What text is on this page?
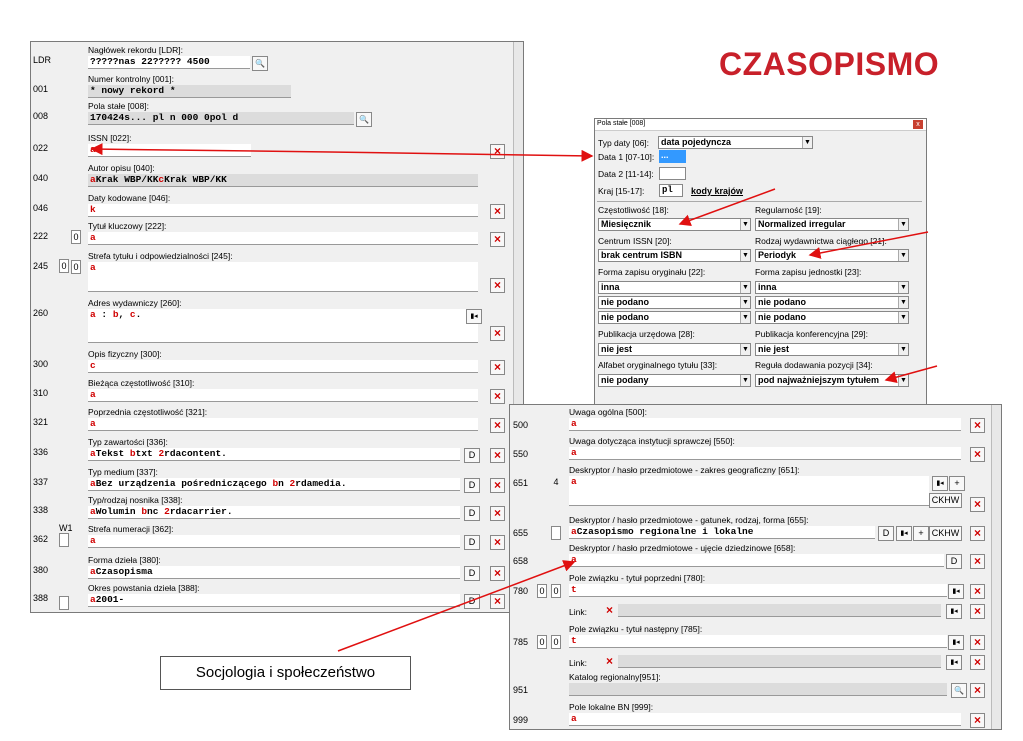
CZASOPISMO
LDR
Nagłówek rekordu [LDR]:
?????nas 22????? 4500	🔍
001
Numer kontrolny [001]:
* nowy rekord *
008
Pola stałe [008]:
170424s... pl n 000 0pol d	🔍
022
ISSN [022]:
a	×
040
Autor opisu [040]:
aKrak WBP/KKcKrak WBP/KK
046
Daty kodowane [046]:
k	×
222	0
Tytuł kluczowy [222]:
a	×
245 0 0
Strefa tytułu i odpowiedzialności [245]:
a
×
260
Adres wydawniczy [260]:
a : b, c.
×
▮◂
300
Opis fizyczny [300]:
c	×
310
Bieżąca częstotliwość [310]:
a	×
321
Poprzednia częstotliwość [321]:
a	×
336
Typ zawartości [336]:
aTekst btxt 2rdacontent.	×
D
337
Typ medium [337]:
aBez urządzenia pośredniczącego bn 2rdamedia.	×
D
338
Typ/rodzaj nosnika [338]:
aWolumin bnc 2rdacarrier.	×
D
362
W1 Strefa numeracji [362]:
a	×
D
380
Forma dzieła [380]:
aCzasopisma	×
D
388
Okres powstania dzieła [388]:
a2001-	×
D
Pola stałe [008]	x
Typ daty [06]:	data pojedyncza	▼
Data 1 [07-10]: ...
Data 2 [11-14]:
Kraj [15-17]:	pl	kody krajów
Częstotliwość [18]:	Regularność [19]:
Miesięcznik	▼	Normalized irregular	▼
Centrum ISSN [20]:	Rodzaj wydawnictwa ciągłego [21]:
brak centrum ISBN	▼	Periodyk	▼
Forma zapisu oryginału [22]:	Forma zapisu jednostki [23]:
inna	▼	inna	▼
nie podano	▼	nie podano	▼
nie podano	▼	nie podano	▼
Publikacja urzędowa [28]:	Publikacja konferencyjna [29]:
nie jest	▼	nie jest	▼
Alfabet oryginalnego tytułu [33]:	Reguła dodawania pozycji [34]:
nie podany	▼	pod najważniejszym tytułem	▼
500
Uwaga ogólna [500]:
a	×
550
Uwaga dotycząca instytucji sprawczej [550]:
a	×
651	4
Deskryptor / hasło przedmiotowe - zakres geograficzny [651]:
a
×
▮◂	+
CKHW
655
Deskryptor / hasło przedmiotowe - gatunek, rodzaj, forma [655]:
aCzasopismo regionalne i lokalne	×
D	▮◂	+ CKHW
658
Deskryptor / hasło przedmiotowe - ujęcie dziedzinowe [658]:
a	×
D
780 0 0
Pole związku - tytuł poprzedni [780]:
t	×
▮◂
Link:	×	▮◂	×
785 0 0
Pole związku - tytuł następny [785]:
t	×
▮◂
Link:	×	▮◂	×
951
Katalog regionalny[951]:
×
🔍
999
Pole lokalne BN [999]:
a	×
Socjologia i społeczeństwo
